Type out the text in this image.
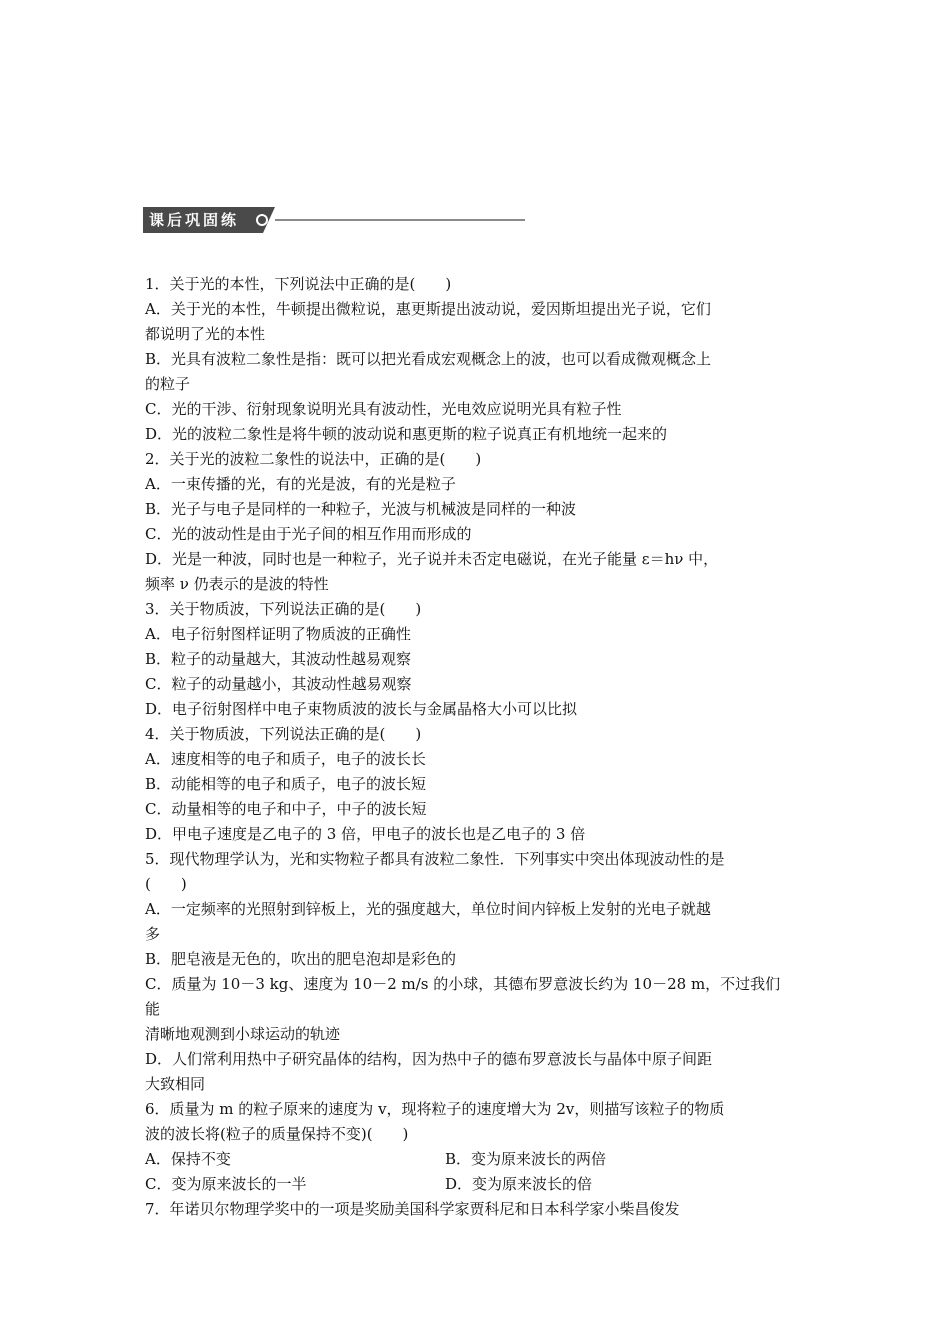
课后巩固练
1．关于光的本性，下列说法中正确的是(　　)
A．关于光的本性，牛顿提出微粒说，惠更斯提出波动说，爱因斯坦提出光子说，它们
都说明了光的本性
B．光具有波粒二象性是指：既可以把光看成宏观概念上的波，也可以看成微观概念上
的粒子
C．光的干涉、衍射现象说明光具有波动性，光电效应说明光具有粒子性
D．光的波粒二象性是将牛顿的波动说和惠更斯的粒子说真正有机地统一起来的
2．关于光的波粒二象性的说法中，正确的是(　　)
A．一束传播的光，有的光是波，有的光是粒子
B．光子与电子是同样的一种粒子，光波与机械波是同样的一种波
C．光的波动性是由于光子间的相互作用而形成的
D．光是一种波，同时也是一种粒子，光子说并未否定电磁说，在光子能量 ε＝hν 中，
频率 ν 仍表示的是波的特性
3．关于物质波，下列说法正确的是(　　)
A．电子衍射图样证明了物质波的正确性
B．粒子的动量越大，其波动性越易观察
C．粒子的动量越小，其波动性越易观察
D．电子衍射图样中电子束物质波的波长与金属晶格大小可以比拟
4．关于物质波，下列说法正确的是(　　)
A．速度相等的电子和质子，电子的波长长
B．动能相等的电子和质子，电子的波长短
C．动量相等的电子和中子，中子的波长短
D．甲电子速度是乙电子的 3 倍，甲电子的波长也是乙电子的 3 倍
5．现代物理学认为，光和实物粒子都具有波粒二象性．下列事实中突出体现波动性的是
(　　)
A．一定频率的光照射到锌板上，光的强度越大，单位时间内锌板上发射的光电子就越
多
B．肥皂液是无色的，吹出的肥皂泡却是彩色的
C．质量为 10－3 kg、速度为 10－2 m/s 的小球，其德布罗意波长约为 10－28 m，不过我们
能
清晰地观测到小球运动的轨迹
D．人们常利用热中子研究晶体的结构，因为热中子的德布罗意波长与晶体中原子间距
大致相同
6．质量为 m 的粒子原来的速度为 v，现将粒子的速度增大为 2v，则描写该粒子的物质
波的波长将(粒子的质量保持不变)(　　)
A．保持不变	B．变为原来波长的两倍
C．变为原来波长的一半	D．变为原来波长的倍
7．年诺贝尔物理学奖中的一项是奖励美国科学家贾科尼和日本科学家小柴昌俊发
